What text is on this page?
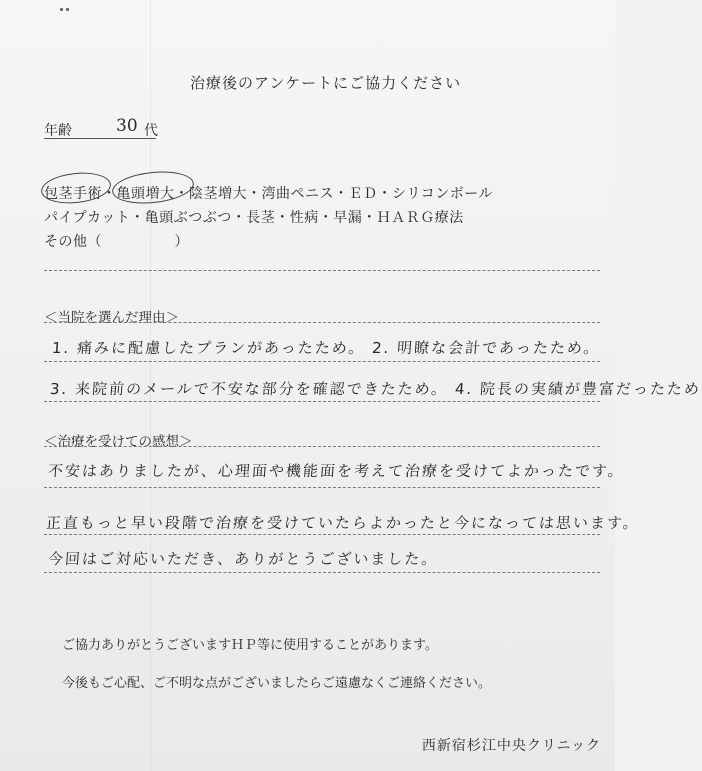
治療後のアンケートにご協力ください
年齢	30 代
包茎手術・亀頭増大・陰茎増大・湾曲ペニス・ＥＤ・シリコンボール
パイプカット・亀頭ぶつぶつ・長茎・性病・早漏・ＨＡＲＧ療法
その他（　　　　　）
＜当院を選んだ理由＞
1. 痛みに配慮したプランがあったため。 2. 明瞭な会計であったため。
3. 来院前のメールで不安な部分を確認できたため。 4. 院長の実績が豊富だったため
＜治療を受けての感想＞
不安はありましたが、心理面や機能面を考えて治療を受けてよかったです。
正直もっと早い段階で治療を受けていたらよかったと今になっては思います。
今回はご対応いただき、ありがとうございました。
ご協力ありがとうございますＨＰ等に使用することがあります。
今後もご心配、ご不明な点がございましたらご遠慮なくご連絡ください。
西新宿杉江中央クリニック
